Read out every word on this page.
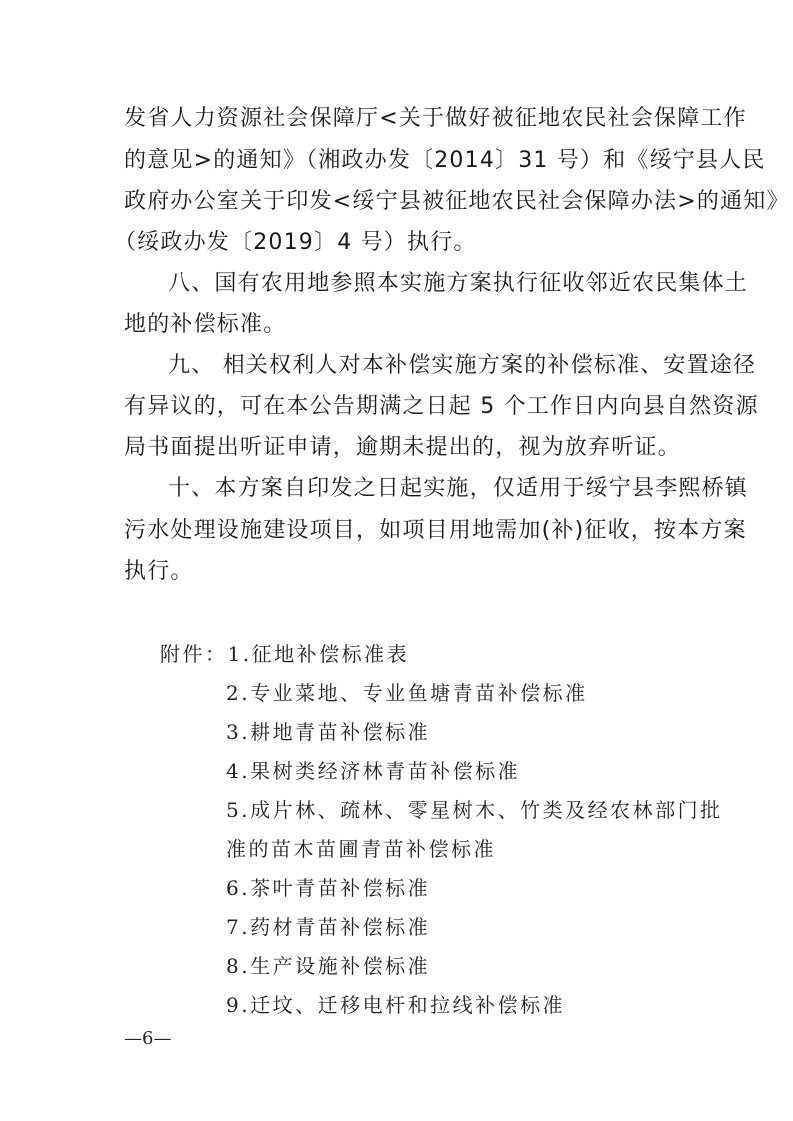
发省人力资源社会保障厅<关于做好被征地农民社会保障工作
的意见>的通知》（湘政办发〔2014〕31 号）和《绥宁县人民
政府办公室关于印发<绥宁县被征地农民社会保障办法>的通知》
（绥政办发〔2019〕4 号）执行。
八、国有农用地参照本实施方案执行征收邻近农民集体土
地的补偿标准。
九、 相关权利人对本补偿实施方案的补偿标准、安置途径
有异议的，可在本公告期满之日起 5 个工作日内向县自然资源
局书面提出听证申请，逾期未提出的，视为放弃听证。
十、本方案自印发之日起实施，仅适用于绥宁县李熙桥镇
污水处理设施建设项目，如项目用地需加(补)征收，按本方案
执行。
附件：1.征地补偿标准表
2.专业菜地、专业鱼塘青苗补偿标准
3.耕地青苗补偿标准
4.果树类经济林青苗补偿标准
5.成片林、疏林、零星树木、竹类及经农林部门批
准的苗木苗圃青苗补偿标准
6.茶叶青苗补偿标准
7.药材青苗补偿标准
8.生产设施补偿标准
9.迁坟、迁移电杆和拉线补偿标准
—6—
